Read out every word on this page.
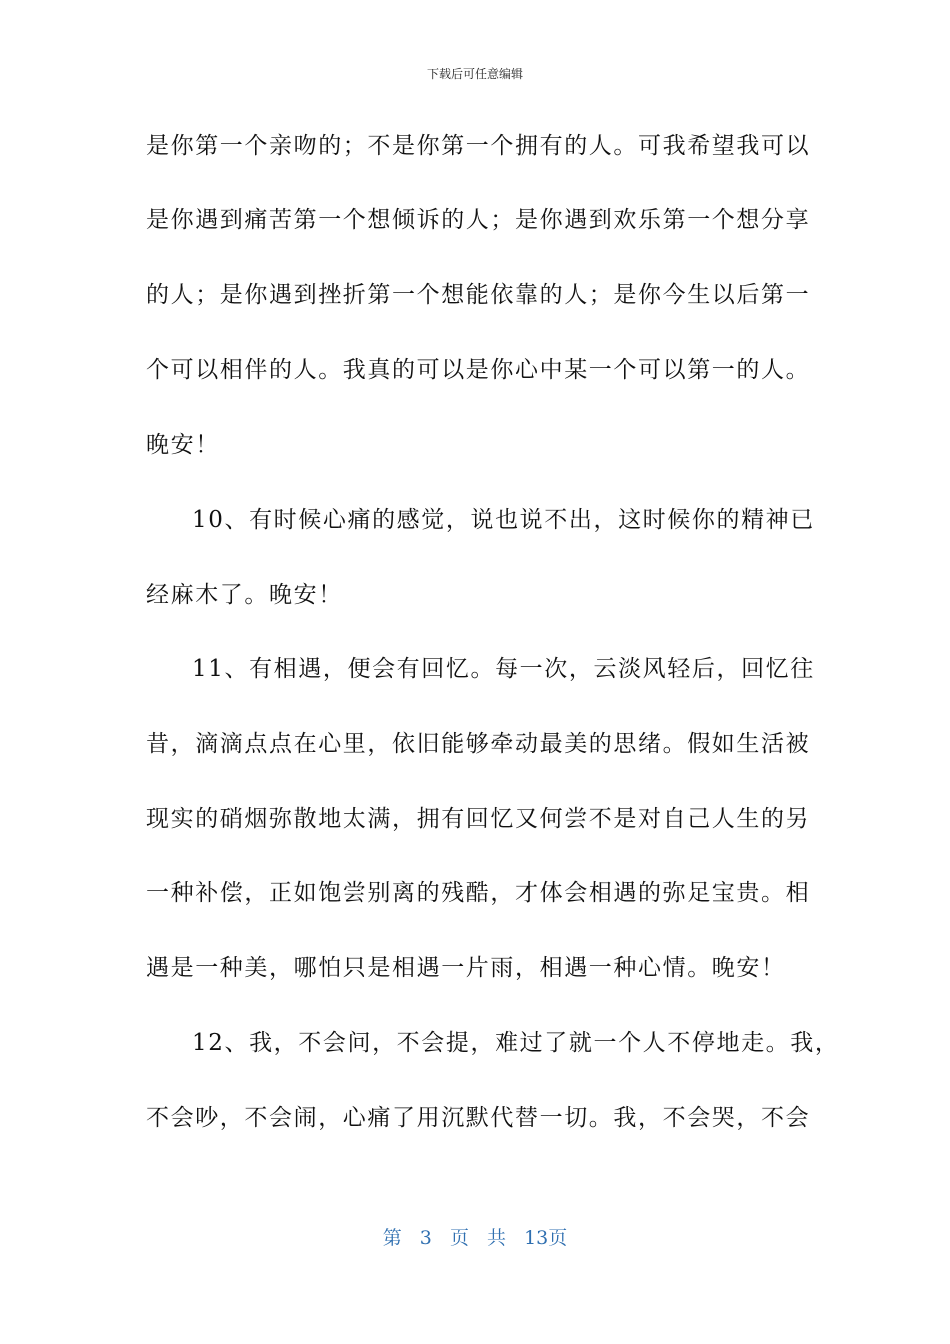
下载后可任意编辑
是你第一个亲吻的；不是你第一个拥有的人。可我希望我可以
是你遇到痛苦第一个想倾诉的人；是你遇到欢乐第一个想分享
的人；是你遇到挫折第一个想能依靠的人；是你今生以后第一
个可以相伴的人。我真的可以是你心中某一个可以第一的人。
晚安！
10、有时候心痛的感觉，说也说不出，这时候你的精神已
经麻木了。晚安！
11、有相遇，便会有回忆。每一次，云淡风轻后，回忆往
昔，滴滴点点在心里，依旧能够牵动最美的思绪。假如生活被
现实的硝烟弥散地太满，拥有回忆又何尝不是对自己人生的另
一种补偿，正如饱尝别离的残酷，才体会相遇的弥足宝贵。相
遇是一种美，哪怕只是相遇一片雨，相遇一种心情。晚安！
12、我，不会问，不会提，难过了就一个人不停地走。我，
不会吵，不会闹，心痛了用沉默代替一切。我，不会哭，不会
第 3 页 共 13页
